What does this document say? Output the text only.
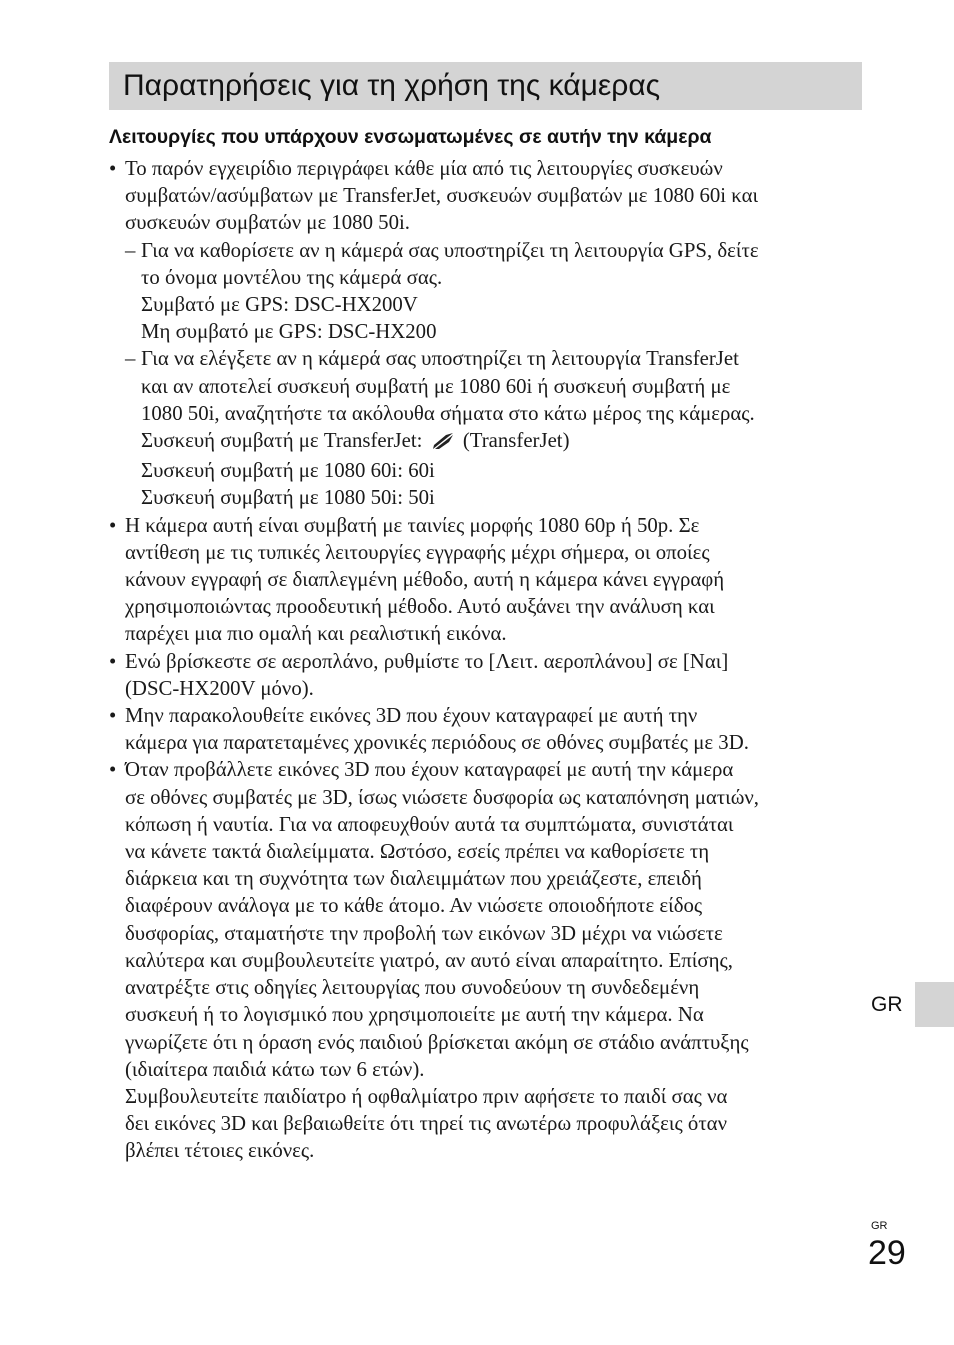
Παρατηρήσεις για τη χρήση της κάμερας
Λειτουργίες που υπάρχουν ενσωματωμένες σε αυτήν την κάμερα
• Το παρόν εγχειρίδιο περιγράφει κάθε μία από τις λειτουργίες συσκευών
συμβατών/ασύμβατων με TransferJet, συσκευών συμβατών με 1080 60i και
συσκευών συμβατών με 1080 50i.
– Για να καθορίσετε αν η κάμερά σας υποστηρίζει τη λειτουργία GPS, δείτε
το όνομα μοντέλου της κάμερά σας.
Συμβατό με GPS: DSC-HX200V
Μη συμβατό με GPS: DSC-HX200
– Για να ελέγξετε αν η κάμερά σας υποστηρίζει τη λειτουργία TransferJet
και αν αποτελεί συσκευή συμβατή με 1080 60i ή συσκευή συμβατή με
1080 50i, αναζητήστε τα ακόλουθα σήματα στο κάτω μέρος της κάμερας.
Συσκευή συμβατή με TransferJet: (TransferJet)
Συσκευή συμβατή με 1080 60i: 60i
Συσκευή συμβατή με 1080 50i: 50i
• Η κάμερα αυτή είναι συμβατή με ταινίες μορφής 1080 60p ή 50p. Σε
αντίθεση με τις τυπικές λειτουργίες εγγραφής μέχρι σήμερα, οι οποίες
κάνουν εγγραφή σε διαπλεγμένη μέθοδο, αυτή η κάμερα κάνει εγγραφή
χρησιμοποιώντας προοδευτική μέθοδο. Αυτό αυξάνει την ανάλυση και
παρέχει μια πιο ομαλή και ρεαλιστική εικόνα.
• Ενώ βρίσκεστε σε αεροπλάνο, ρυθμίστε το [Λειτ. αεροπλάνου] σε [Ναι]
(DSC-HX200V μόνο).
• Μην παρακολουθείτε εικόνες 3D που έχουν καταγραφεί με αυτή την
κάμερα για παρατεταμένες χρονικές περιόδους σε οθόνες συμβατές με 3D.
• Όταν προβάλλετε εικόνες 3D που έχουν καταγραφεί με αυτή την κάμερα
σε οθόνες συμβατές με 3D, ίσως νιώσετε δυσφορία ως καταπόνηση ματιών,
κόπωση ή ναυτία. Για να αποφευχθούν αυτά τα συμπτώματα, συνιστάται
να κάνετε τακτά διαλείμματα. Ωστόσο, εσείς πρέπει να καθορίσετε τη
διάρκεια και τη συχνότητα των διαλειμμάτων που χρειάζεστε, επειδή
διαφέρουν ανάλογα με το κάθε άτομο. Αν νιώσετε οποιοδήποτε είδος
δυσφορίας, σταματήστε την προβολή των εικόνων 3D μέχρι να νιώσετε
καλύτερα και συμβουλευτείτε γιατρό, αν αυτό είναι απαραίτητο. Επίσης,
ανατρέξτε στις οδηγίες λειτουργίας που συνοδεύουν τη συνδεδεμένη
συσκευή ή το λογισμικό που χρησιμοποιείτε με αυτή την κάμερα. Να
γνωρίζετε ότι η όραση ενός παιδιού βρίσκεται ακόμη σε στάδιο ανάπτυξης
(ιδιαίτερα παιδιά κάτω των 6 ετών).
Συμβουλευτείτε παιδίατρο ή οφθαλμίατρο πριν αφήσετε το παιδί σας να
δει εικόνες 3D και βεβαιωθείτε ότι τηρεί τις ανωτέρω προφυλάξεις όταν
βλέπει τέτοιες εικόνες.
GR
GR
29
